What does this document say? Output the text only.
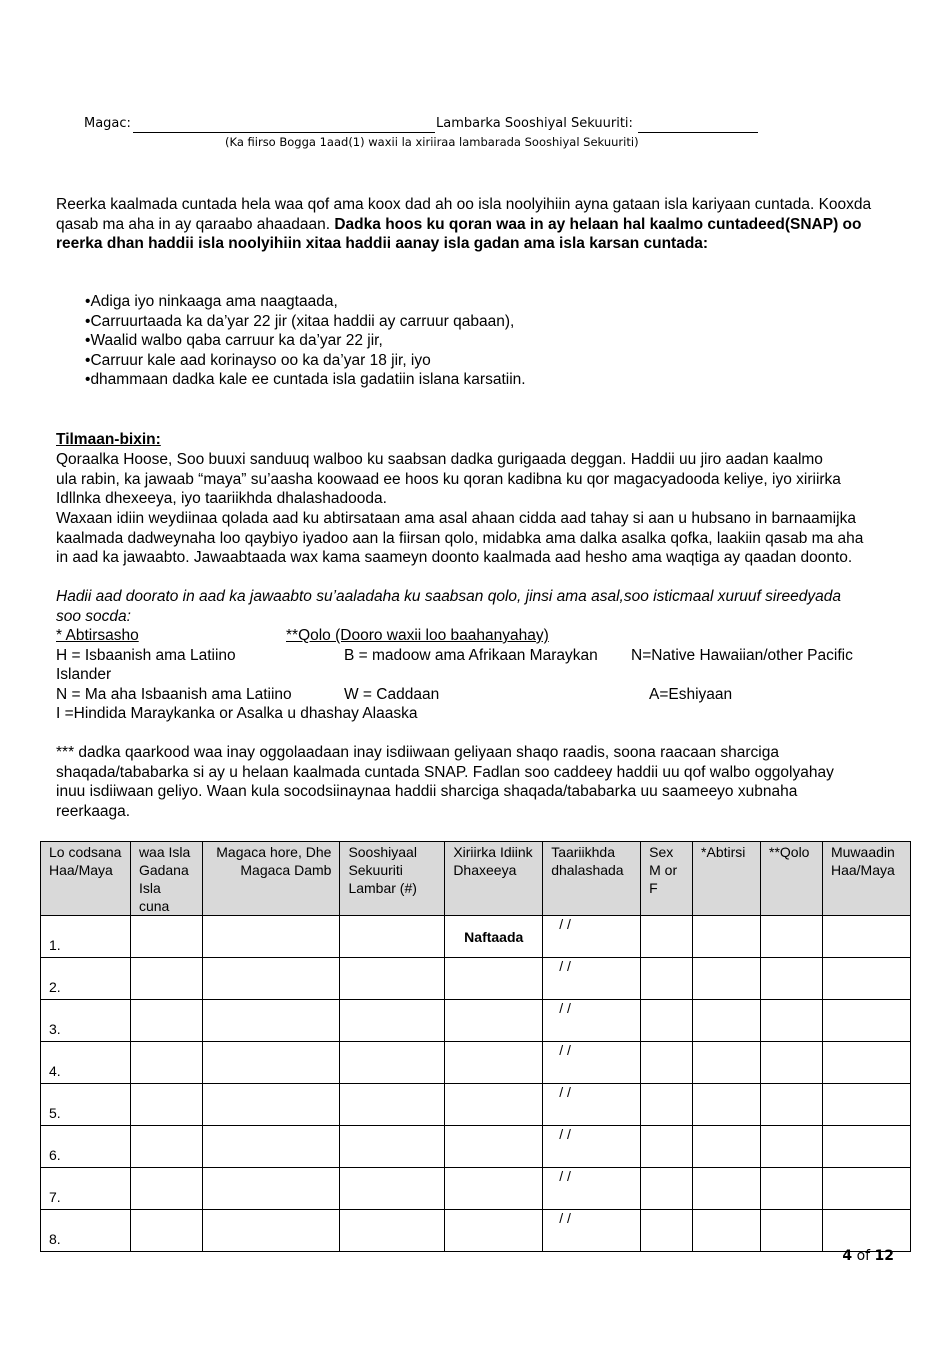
Magac:	Lambarka Sooshiyal Sekuuriti:
(Ka fiirso Bogga 1aad(1) waxii la xiriiraa lambarada Sooshiyal Sekuuriti)

Reerka kaalmada cuntada hela waa qof ama koox dad ah oo isla noolyihiin ayna gataan isla kariyaan cuntada. Kooxda qasab ma aha in ay qaraabo ahaadaan. Dadka hoos ku qoran waa in ay helaan hal kaalmo cuntadeed(SNAP) oo reerka dhan haddii isla noolyihiin xitaa haddii aanay isla gadan ama isla karsan cuntada:

• Adiga iyo ninkaaga ama naagtaada,
• Carruurtaada ka da’yar 22 jir (xitaa haddii ay carruur qabaan),
• Waalid walbo qaba carruur ka da’yar 22 jir,
• Carruur kale aad korinayso oo ka da’yar 18 jir, iyo
• dhammaan dadka kale ee cuntada isla gadatiin islana karsatiin.
Tilmaan-bixin:

Qoraalka Hoose, Soo buuxi sanduuq walboo ku saabsan dadka gurigaada deggan. Haddii uu jiro aadan kaalmo ula rabin, ka jawaab “maya” su’aasha koowaad ee hoos ku qoran kadibna ku qor magacyadooda keliye, iyo xiriirka Idllnka dhexeeya, iyo taariikhda dhalashadooda.

Waxaan idiin weydiinaa qolada aad ku abtirsataan ama asal ahaan cidda aad tahay si aan u hubsano in barnaamijka kaalmada dadweynaha loo qaybiyo iyadoo aan la fiirsan qolo, midabka ama dalka asalka qofka, laakiin qasab ma aha in aad ka jawaabto. Jawaabtaada wax kama saameyn doonto kaalmada aad hesho ama waqtiga ay qaadan doonto.

Hadii aad doorato in aad ka jawaabto su’aaladaha ku saabsan qolo, jinsi ama asal,soo isticmaal xuruuf sireedyada soo socda:

* Abtirsasho	**Qolo (Dooro waxii loo baahanyahay)
H = Isbaanish ama Latiino	B = madoow ama Afrikaan Maraykan N=Native Hawaiian/other Pacific
Islander
N = Ma aha Isbaanish ama Latiino	W = Caddaan	A=Eshiyaan
I =Hindida Maraykanka or Asalka u dhashay Alaaska

*** dadka qaarkood waa inay oggolaadaan inay isdiiwaan geliyaan shaqo raadis, soona raacaan sharciga shaqada/tababarka si ay u helaan kaalmada cuntada SNAP. Fadlan soo caddeey haddii uu qof walbo oggolyahay inuu isdiiwaan geliyo. Waan kula socodsiinaynaa haddii sharciga shaqada/tababarka uu saameeyo xubnaha reerkaaga.

Lo codsana Haa/Maya	waa Isla Gadana Isla cuna	Magaca hore, Dhe Magaca Damb	Sooshiyaal Sekuuriti Lambar (#)	Xiriirka Idiink Dhaxeeya	Taariikhda dhalashada	Sex M or F	*Abtirsi	**Qolo	Muwaadin Haa/Maya
1.				Naftaada	/ /				
2.					/ /				
3.					/ /				
4.					/ /				
5.					/ /				
6.					/ /				
7.					/ /				
8.					/ /				
4 of 12
